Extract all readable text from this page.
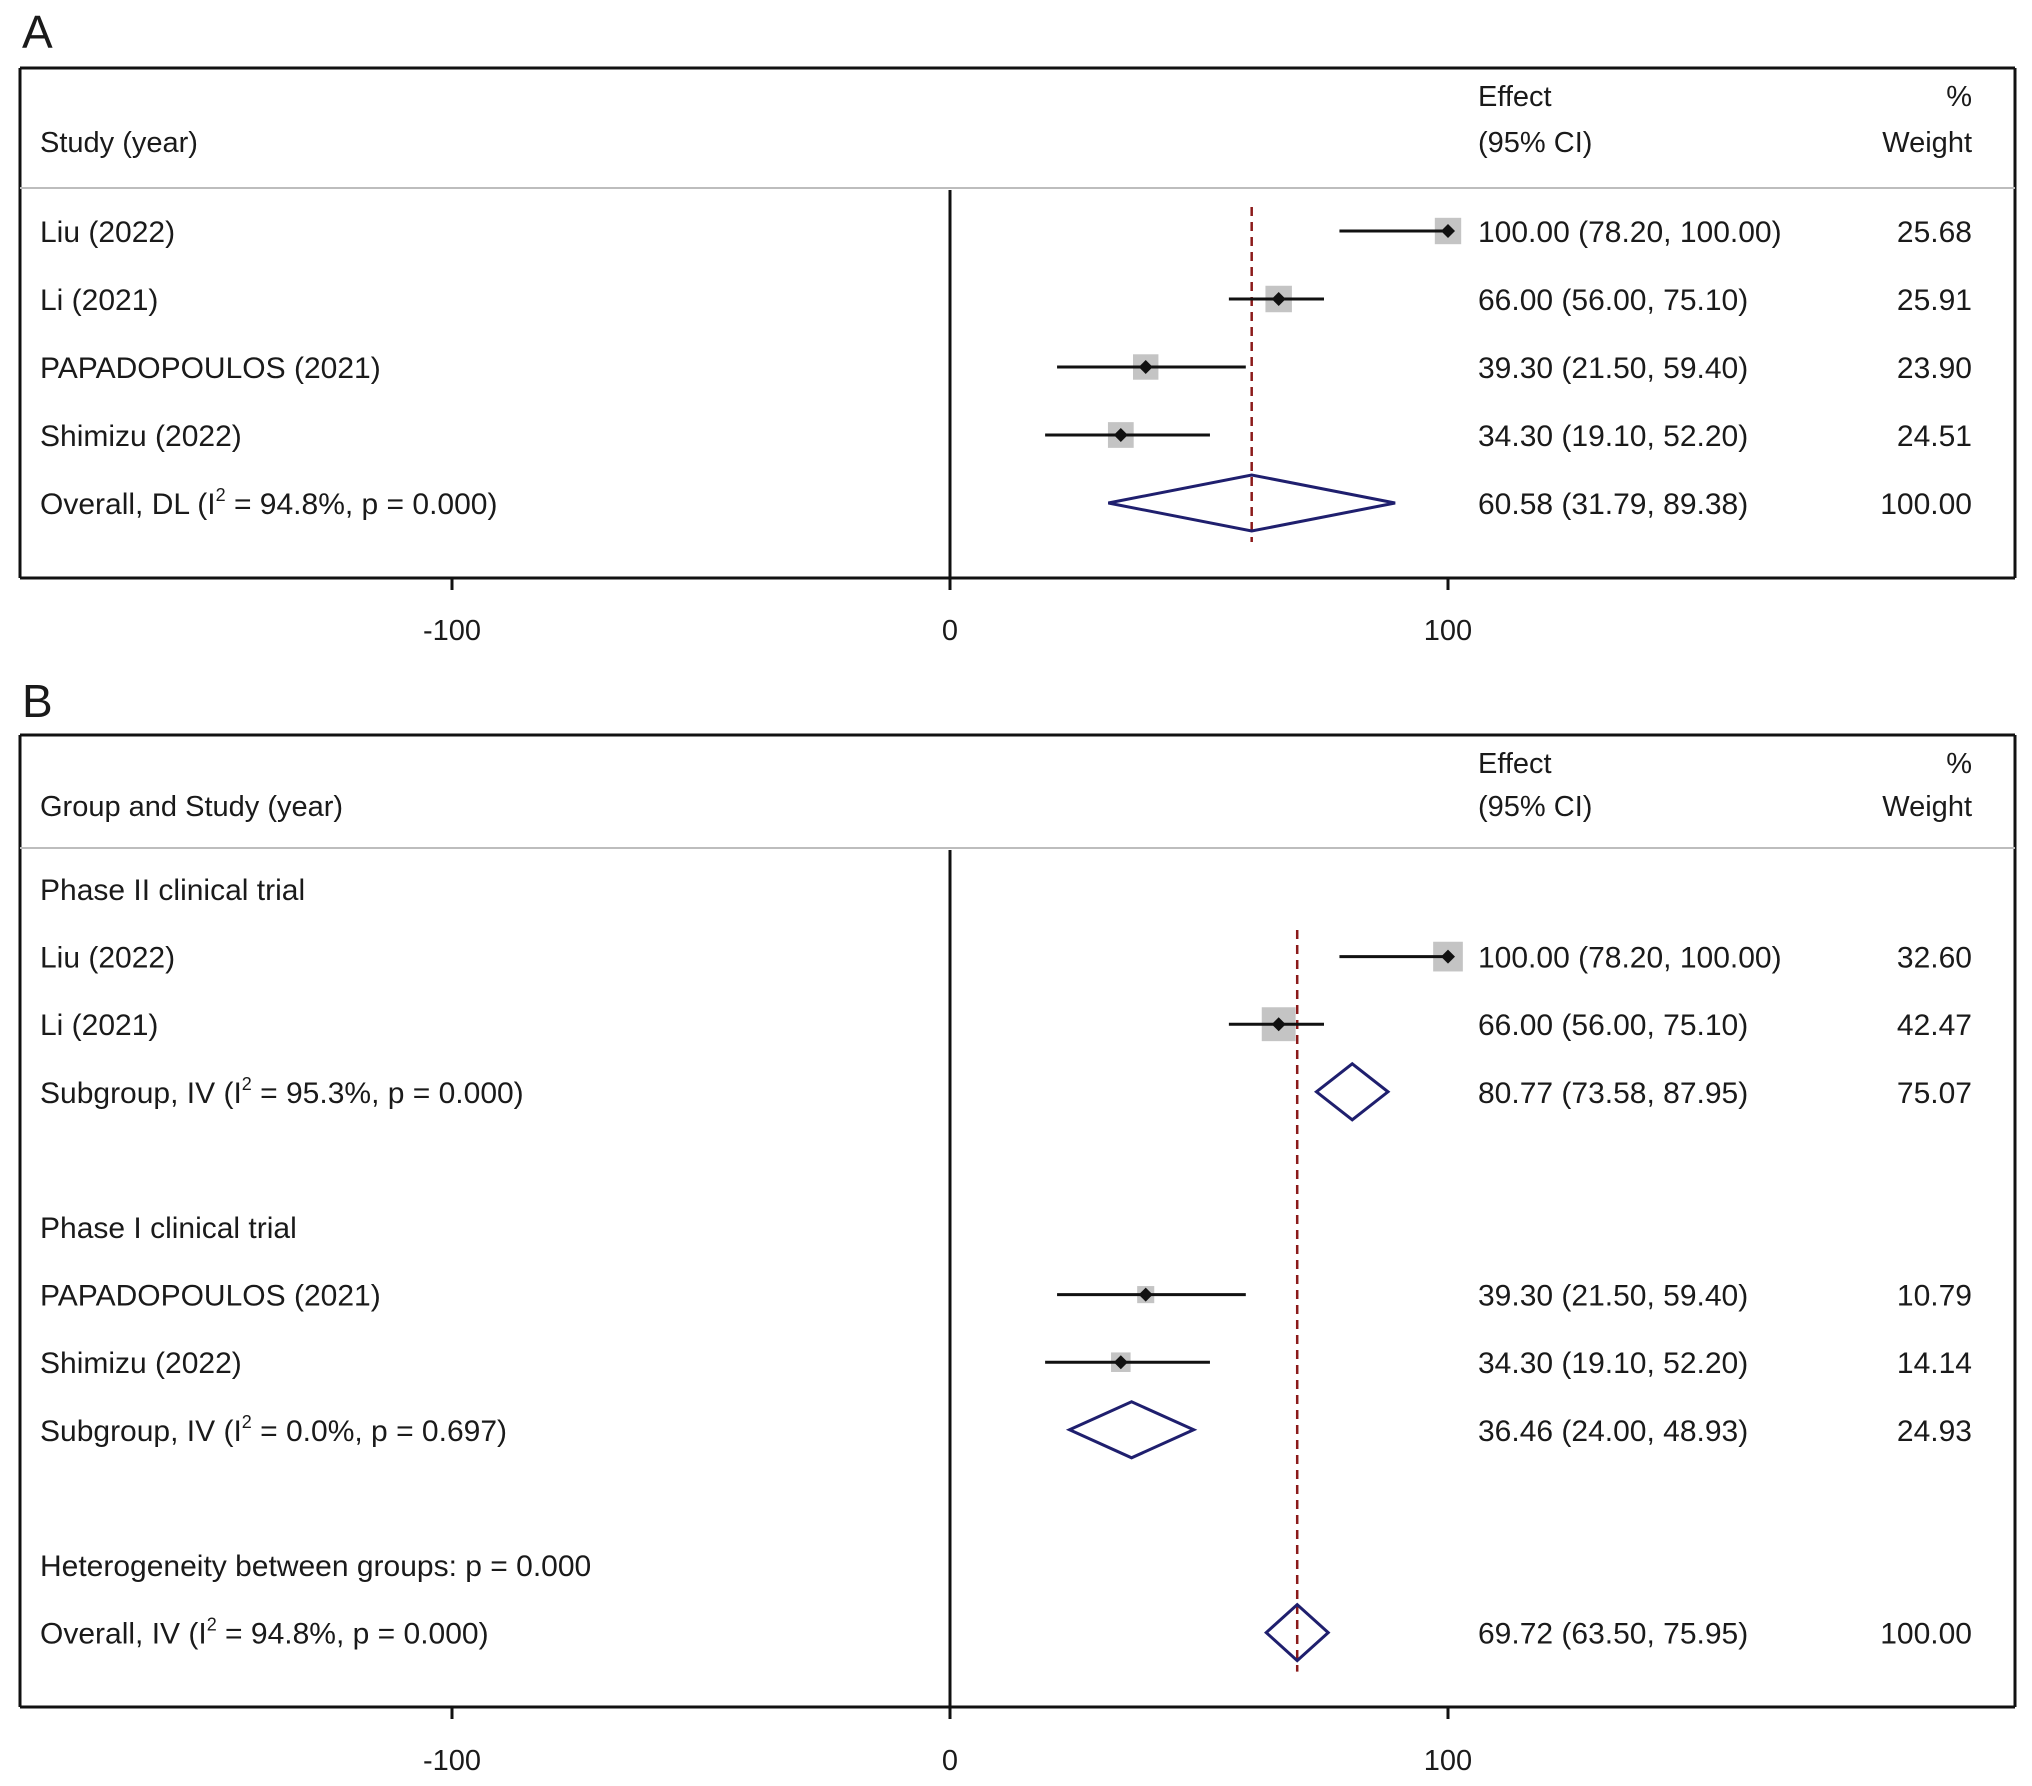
A
Study (year)
Effect
(95% CI)
%
Weight
-100	0	100
Liu (2022)	100.00 (78.20, 100.00)	25.68
Li (2021)	66.00 (56.00, 75.10)	25.91
PAPADOPOULOS (2021)	39.30 (21.50, 59.40)	23.90
Shimizu (2022)	34.30 (19.10, 52.20)	24.51
Overall, DL ($I^2 = 94.8\%$, p = 0.000)	60.58 (31.79, 89.38)	100.00
B
Group and Study (year)
Effect
(95% CI)
%
Weight
-100	0	100
Phase II clinical trial
Liu (2022)	100.00 (78.20, 100.00)	32.60
Li (2021)	66.00 (56.00, 75.10)	42.47
Subgroup, IV ($I^2 = 95.3\%$, p = 0.000)	80.77 (73.58, 87.95)	75.07
Phase I clinical trial
PAPADOPOULOS (2021)	39.30 (21.50, 59.40)	10.79
Shimizu (2022)	34.30 (19.10, 52.20)	14.14
Subgroup, IV ($I^2 = 0.0\%$, p = 0.697)	36.46 (24.00, 48.93)	24.93
Heterogeneity between groups: p = 0.000
Overall, IV ($I^2 = 94.8\%$, p = 0.000)	69.72 (63.50, 75.95)	100.00
